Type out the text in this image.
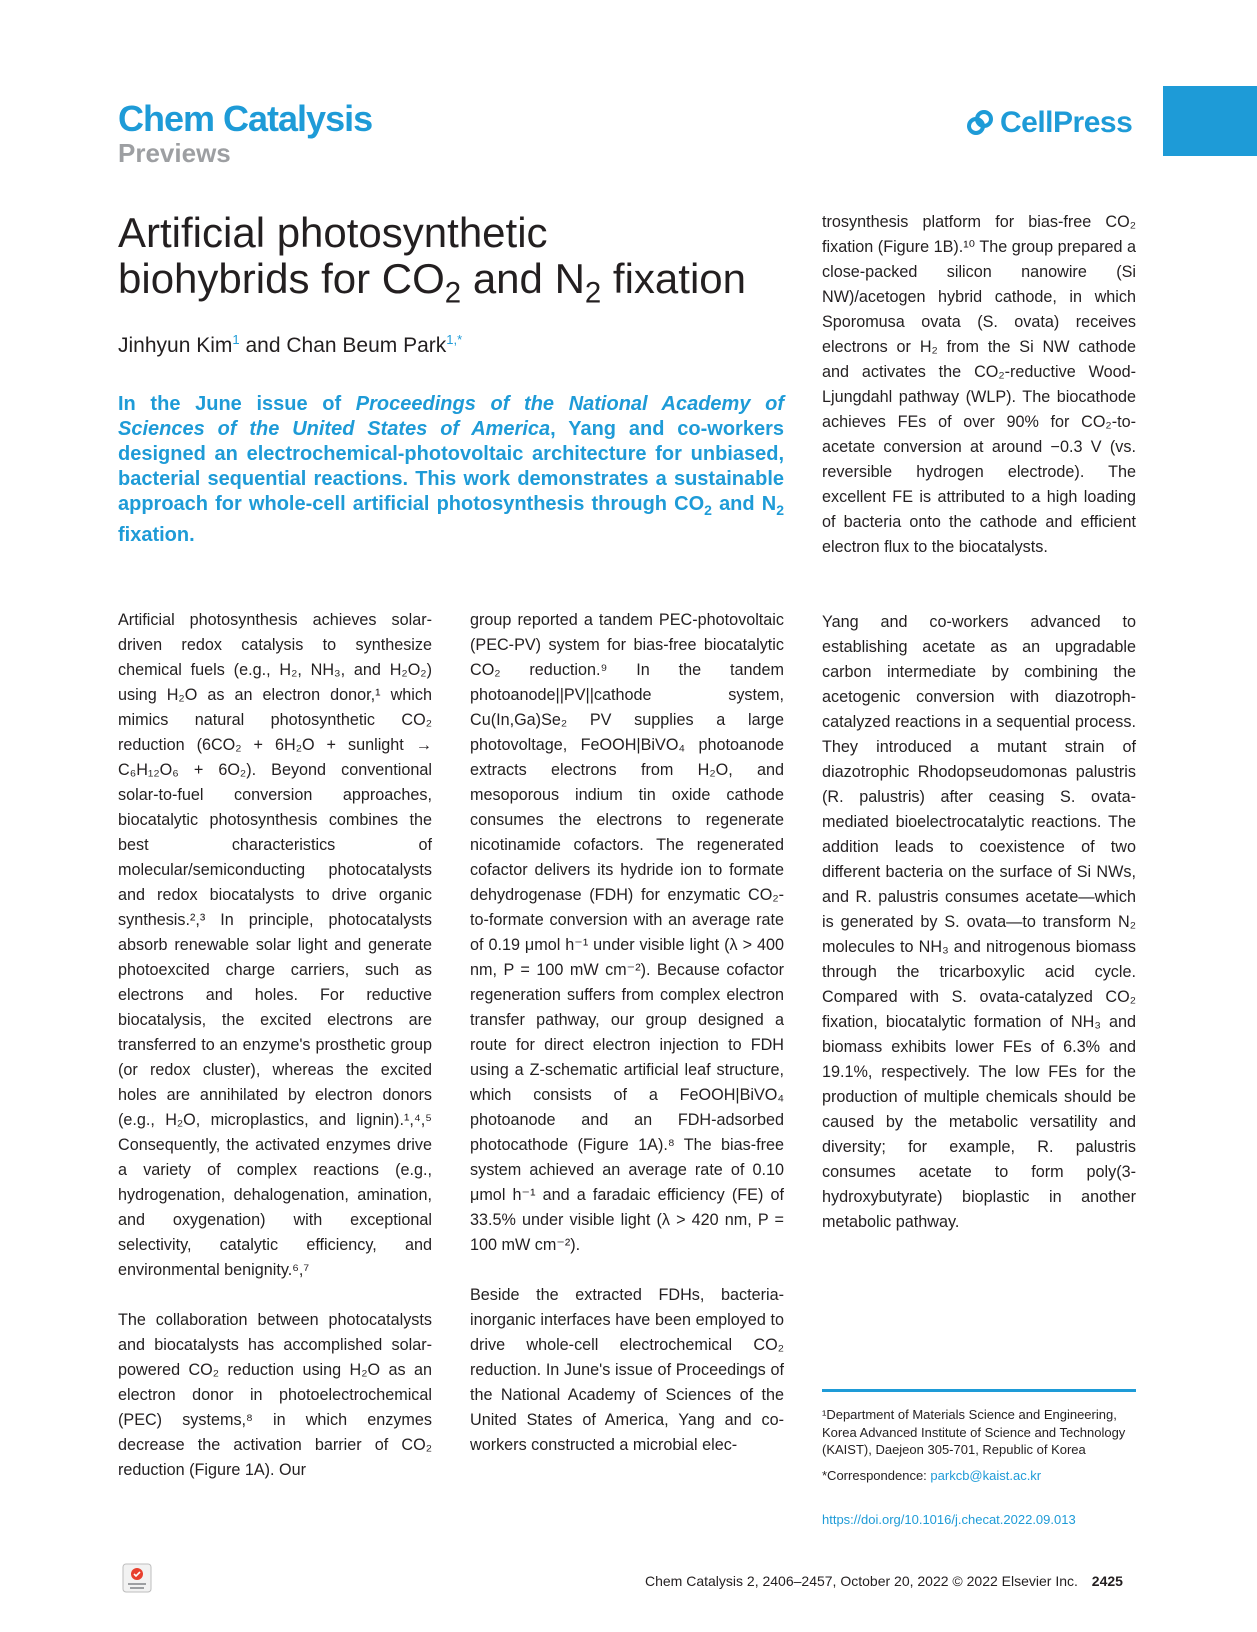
Chem Catalysis
Previews
CellPress
Artificial photosynthetic
biohybrids for $CO_2$ and $N_2$ fixation
Jinhyun Kim$^1$ and Chan Beum Park$^{1,*}$

In the June issue of Proceedings of the National Academy of Sciences of the United States of America, Yang and co-workers designed an electrochemical-photovoltaic architecture for unbiased, bacterial sequential reactions. This work demonstrates a sustainable approach for whole-cell artificial photosynthesis through $CO_2$ and $N_2$ fixation.

trosynthesis platform for bias-free CO₂ fixation (Figure 1B).¹⁰ The group prepared a close-packed silicon nanowire (Si NW)/acetogen hybrid cathode, in which Sporomusa ovata (S. ovata) receives electrons or H₂ from the Si NW cathode and activates the CO₂-reductive Wood-Ljungdahl pathway (WLP). The biocathode achieves FEs of over 90% for CO₂-to-acetate conversion at around −0.3 V (vs. reversible hydrogen electrode). The excellent FE is attributed to a high loading of bacteria onto the cathode and efficient electron flux to the biocatalysts.

Artificial photosynthesis achieves solar-driven redox catalysis to synthesize chemical fuels (e.g., H₂, NH₃, and H₂O₂) using H₂O as an electron donor,¹ which mimics natural photosynthetic CO₂ reduction (6CO₂ + 6H₂O + sunlight → C₆H₁₂O₆ + 6O₂). Beyond conventional solar-to-fuel conversion approaches, biocatalytic photosynthesis combines the best characteristics of molecular/semiconducting photocatalysts and redox biocatalysts to drive organic synthesis.²,³ In principle, photocatalysts absorb renewable solar light and generate photoexcited charge carriers, such as electrons and holes. For reductive biocatalysis, the excited electrons are transferred to an enzyme's prosthetic group (or redox cluster), whereas the excited holes are annihilated by electron donors (e.g., H₂O, microplastics, and lignin).¹,⁴,⁵ Consequently, the activated enzymes drive a variety of complex reactions (e.g., hydrogenation, dehalogenation, amination, and oxygenation) with exceptional selectivity, catalytic efficiency, and environmental benignity.⁶,⁷

The collaboration between photocatalysts and biocatalysts has accomplished solar-powered CO₂ reduction using H₂O as an electron donor in photoelectrochemical (PEC) systems,⁸ in which enzymes decrease the activation barrier of CO₂ reduction (Figure 1A). Our

group reported a tandem PEC-photovoltaic (PEC-PV) system for bias-free biocatalytic CO₂ reduction.⁹ In the tandem photoanode||PV||cathode system, Cu(In,Ga)Se₂ PV supplies a large photovoltage, FeOOH|BiVO₄ photoanode extracts electrons from H₂O, and mesoporous indium tin oxide cathode consumes the electrons to regenerate nicotinamide cofactors. The regenerated cofactor delivers its hydride ion to formate dehydrogenase (FDH) for enzymatic CO₂-to-formate conversion with an average rate of 0.19 μmol h⁻¹ under visible light (λ > 400 nm, P = 100 mW cm⁻²). Because cofactor regeneration suffers from complex electron transfer pathway, our group designed a route for direct electron injection to FDH using a Z-schematic artificial leaf structure, which consists of a FeOOH|BiVO₄ photoanode and an FDH-adsorbed photocathode (Figure 1A).⁸ The bias-free system achieved an average rate of 0.10 μmol h⁻¹ and a faradaic efficiency (FE) of 33.5% under visible light (λ > 420 nm, P = 100 mW cm⁻²).

Beside the extracted FDHs, bacteria-inorganic interfaces have been employed to drive whole-cell electrochemical CO₂ reduction. In June's issue of Proceedings of the National Academy of Sciences of the United States of America, Yang and co-workers constructed a microbial elec-

Yang and co-workers advanced to establishing acetate as an upgradable carbon intermediate by combining the acetogenic conversion with diazotroph-catalyzed reactions in a sequential process. They introduced a mutant strain of diazotrophic Rhodopseudomonas palustris (R. palustris) after ceasing S. ovata-mediated bioelectrocatalytic reactions. The addition leads to coexistence of two different bacteria on the surface of Si NWs, and R. palustris consumes acetate—which is generated by S. ovata—to transform N₂ molecules to NH₃ and nitrogenous biomass through the tricarboxylic acid cycle. Compared with S. ovata-catalyzed CO₂ fixation, biocatalytic formation of NH₃ and biomass exhibits lower FEs of 6.3% and 19.1%, respectively. The low FEs for the production of multiple chemicals should be caused by the metabolic versatility and diversity; for example, R. palustris consumes acetate to form poly(3-hydroxybutyrate) bioplastic in another metabolic pathway.

¹Department of Materials Science and Engineering, Korea Advanced Institute of Science and Technology (KAIST), Daejeon 305-701, Republic of Korea

*Correspondence: parkcb@kaist.ac.kr

https://doi.org/10.1016/j.checat.2022.09.013
Chem Catalysis 2, 2406–2457, October 20, 2022 © 2022 Elsevier Inc. 2425
